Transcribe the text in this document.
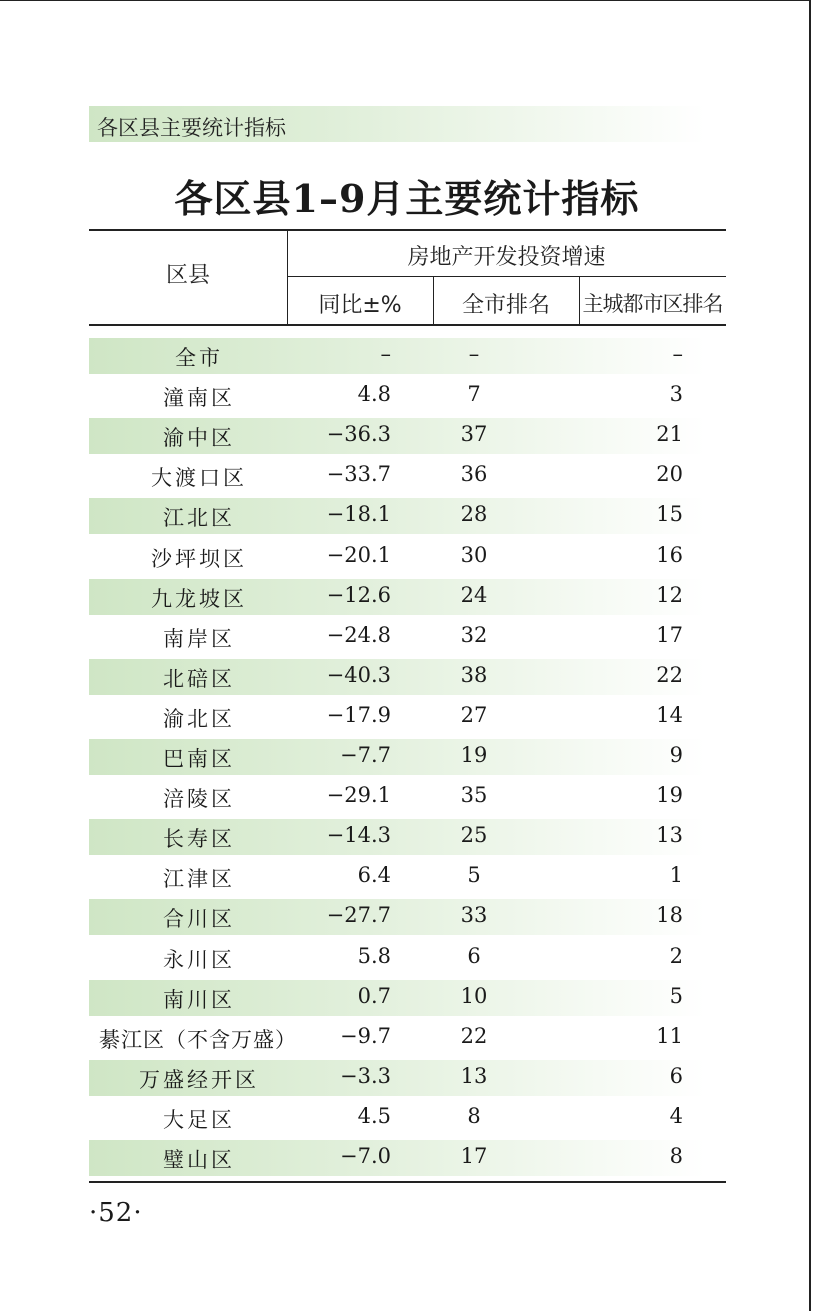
各区县主要统计指标
各区县1–9月主要统计指标
区县
房地产开发投资增速
同比±%	全市排名	主城都市区排名
全市	–	–	–
潼南区	4.8	7	3
渝中区	−36.3	37	21
大渡口区	−33.7	36	20
江北区	−18.1	28	15
沙坪坝区	−20.1	30	16
九龙坡区	−12.6	24	12
南岸区	−24.8	32	17
北碚区	−40.3	38	22
渝北区	−17.9	27	14
巴南区	−7.7	19	9
涪陵区	−29.1	35	19
长寿区	−14.3	25	13
江津区	6.4	5	1
合川区	−27.7	33	18
永川区	5.8	6	2
南川区	0.7	10	5
綦江区（不含万盛）	−9.7	22	11
万盛经开区	−3.3	13	6
大足区	4.5	8	4
璧山区	−7.0	17	8
·52·
